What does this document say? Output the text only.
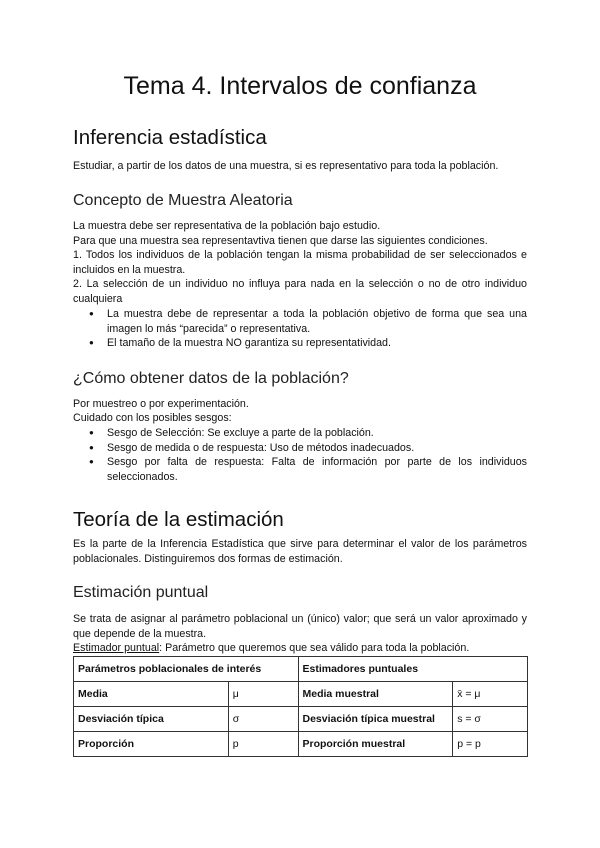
Tema 4. Intervalos de confianza
Inferencia estadística

Estudiar, a partir de los datos de una muestra, si es representativo para toda la población.

Concepto de Muestra Aleatoria

La muestra debe ser representativa de la población bajo estudio.

Para que una muestra sea representavtiva tienen que darse las siguientes condiciones.

1. Todos los individuos de la población tengan la misma probabilidad de ser seleccionados e incluidos en la muestra.

2. La selección de un individuo no influya para nada en la selección o no de otro individuo cualquiera

● La muestra debe de representar a toda la población objetivo de forma que sea una imagen lo más “parecida” o representativa.
● El tamaño de la muestra NO garantiza su representatividad.
¿Cómo obtener datos de la población?

Por muestreo o por experimentación.

Cuidado con los posibles sesgos:

● Sesgo de Selección: Se excluye a parte de la población.
● Sesgo de medida o de respuesta: Uso de métodos inadecuados.
● Sesgo por falta de respuesta: Falta de información por parte de los individuos seleccionados.
Teoría de la estimación

Es la parte de la Inferencia Estadística que sirve para determinar el valor de los parámetros poblacionales. Distinguiremos dos formas de estimación.

Estimación puntual

Se trata de asignar al parámetro poblacional un (único) valor; que será un valor aproximado y que depende de la muestra.

Estimador puntual: Parámetro que queremos que sea válido para toda la población.

Parámetros poblacionales de interés		Estimadores puntuales	
Media	μ	Media muestral	x̄ = μ
Desviación típica	σ	Desviación típica muestral	s = σ
Proporción	p	Proporción muestral	p = p
